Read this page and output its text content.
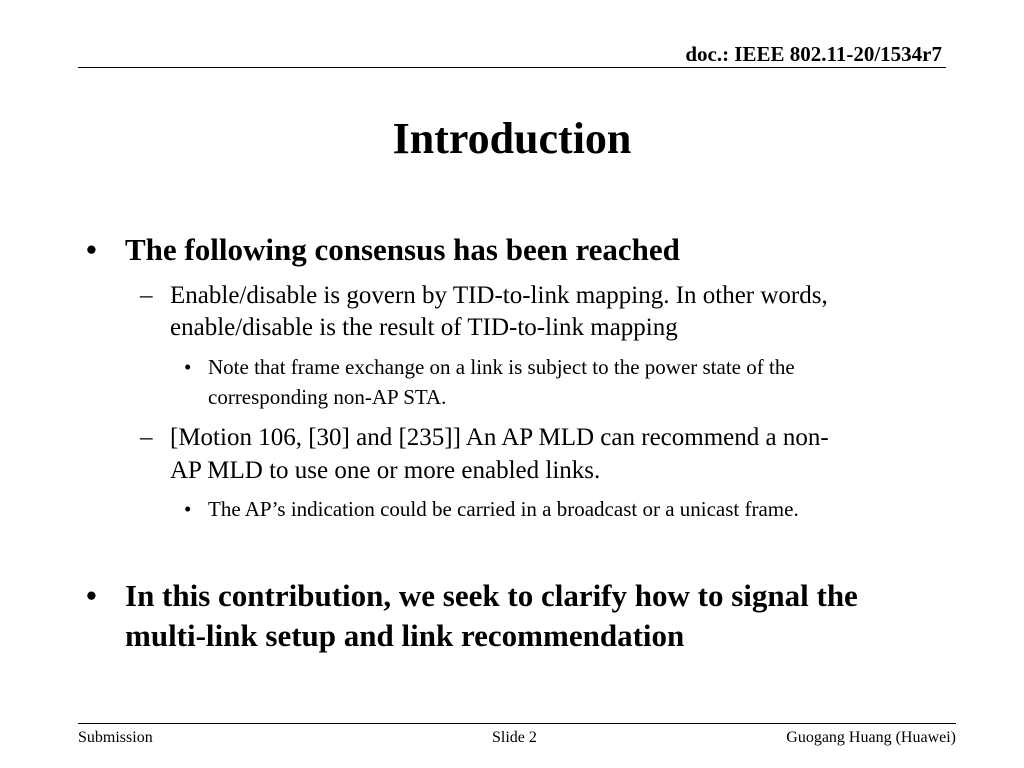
doc.: IEEE 802.11-20/1534r7
Introduction
• The following consensus has been reached
– Enable/disable is govern by TID-to-link mapping. In other words,
enable/disable is the result of TID-to-link mapping
• Note that frame exchange on a link is subject to the power state of the
corresponding non-AP STA.
– [Motion 106, [30] and [235]] An AP MLD can recommend a non-
AP MLD to use one or more enabled links.
• The AP’s indication could be carried in a broadcast or a unicast frame.
• In this contribution, we seek to clarify how to signal the
multi-link setup and link recommendation
Submission	Slide 2	Guogang Huang (Huawei)
